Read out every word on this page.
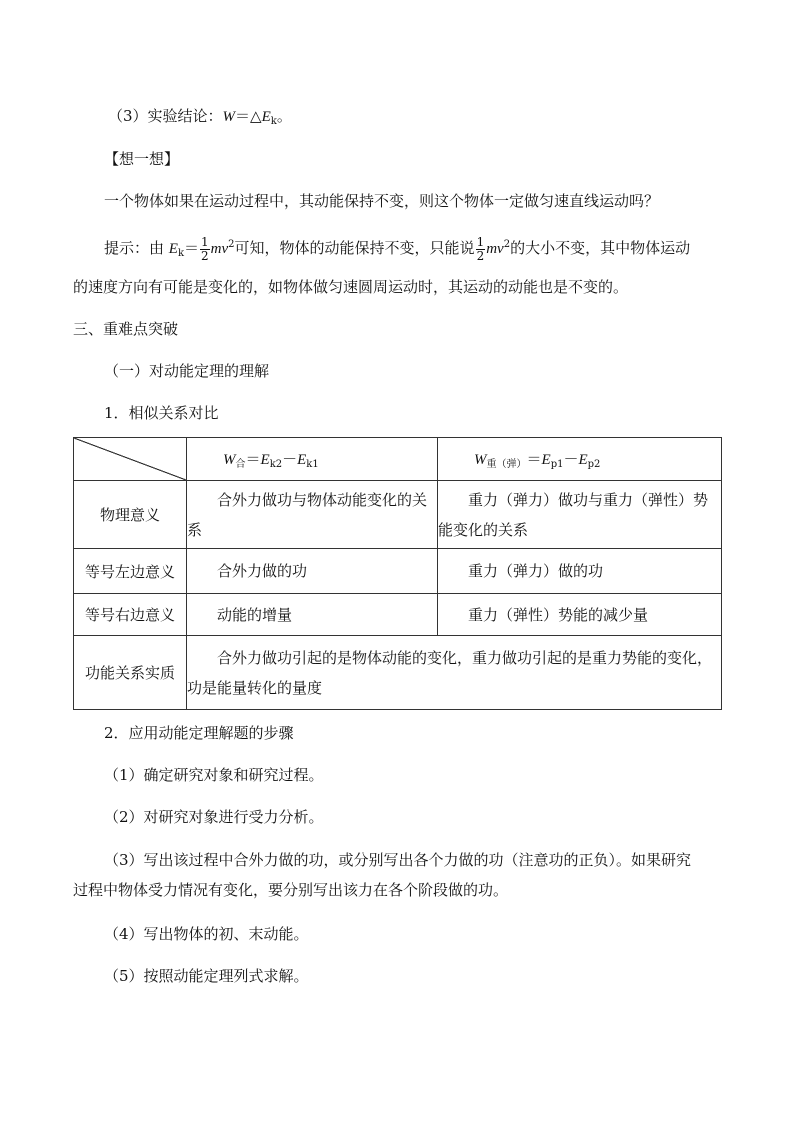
（3）实验结论：$W=\triangle E_k$。
【想一想】
一个物体如果在运动过程中，其动能保持不变，则这个物体一定做匀速直线运动吗？
提示：由 $E_k= \frac{1}{2} mv^2$可知，物体的动能保持不变，只能说 $\frac{1}{2} mv^2$的大小不变，其中物体运动
的速度方向有可能是变化的，如物体做匀速圆周运动时，其运动的动能也是不变的。
三、重难点突破
（一）对动能定理的理解
1．相似关系对比
	$W_合=E_{k2}-E_{k1}$	$W_{重(弹)}=E_{p1}-E_{p2}$
物理意义	合外力做功与物体动能变化的关系	重力（弹力）做功与重力（弹性）势能变化的关系
等号左边意义	合外力做的功	重力（弹力）做的功
等号右边意义	动能的增量	重力（弹性）势能的减少量
功能关系实质	合外力做功引起的是物体动能的变化，重力做功引起的是重力势能的变化，功是能量转化的量度	
2．应用动能定理解题的步骤
（1）确定研究对象和研究过程。
（2）对研究对象进行受力分析。
（3）写出该过程中合外力做的功，或分别写出各个力做的功（注意功的正负）。如果研究
过程中物体受力情况有变化，要分别写出该力在各个阶段做的功。
（4）写出物体的初、末动能。
（5）按照动能定理列式求解。
